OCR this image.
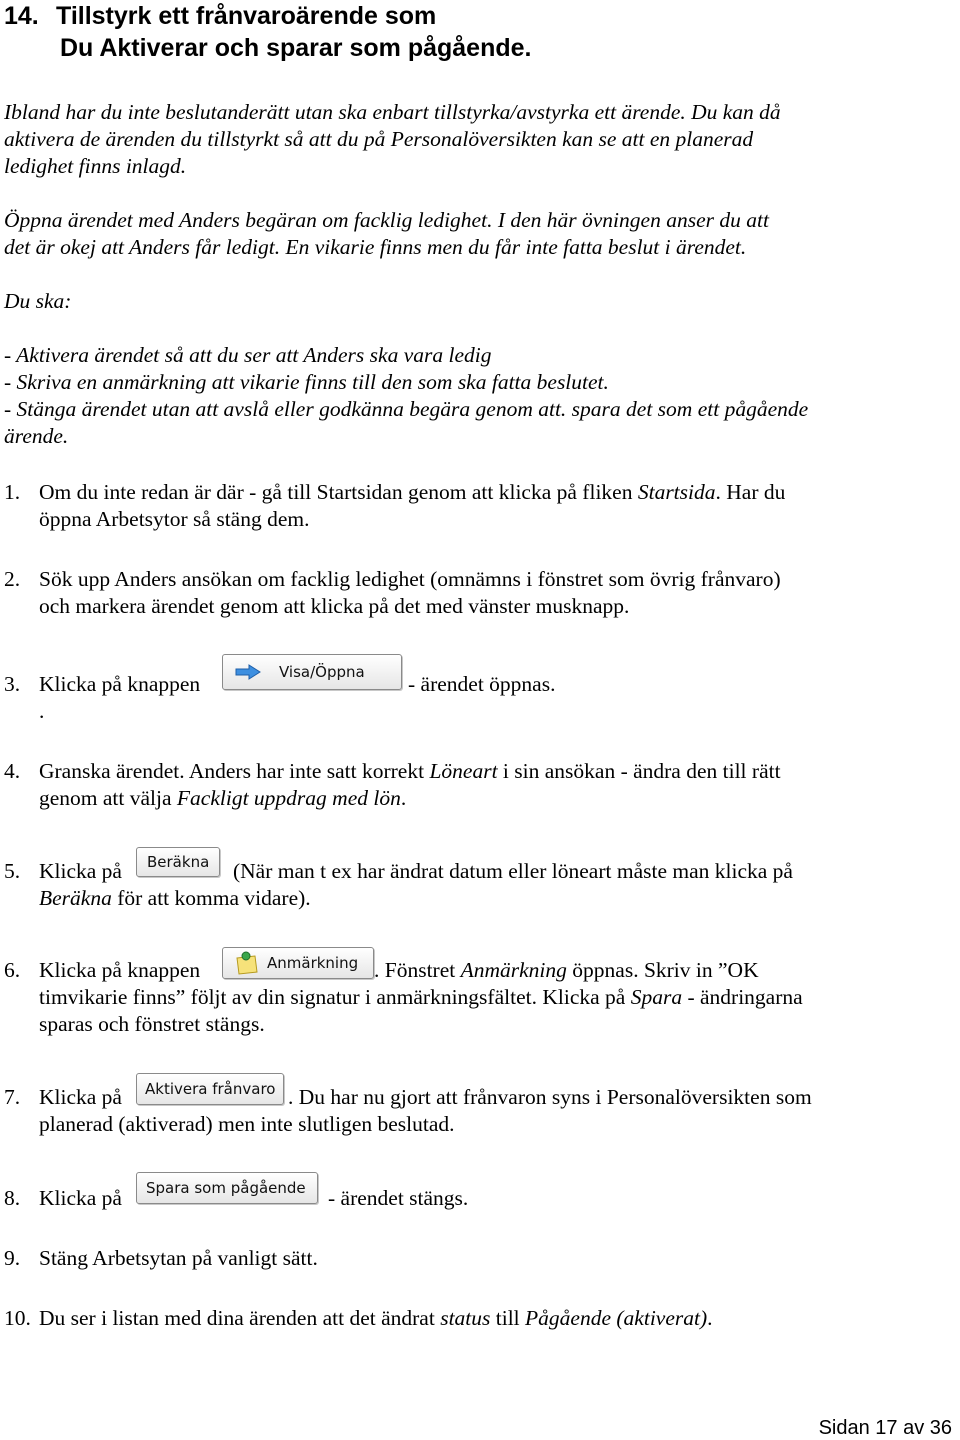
14. Tillstyrk ett frånvaroärende som
Du Aktiverar och sparar som pågående.
Ibland har du inte beslutanderätt utan ska enbart tillstyrka/avstyrka ett ärende. Du kan då
aktivera de ärenden du tillstyrkt så att du på Personalöversikten kan se att en planerad
ledighet finns inlagd.
Öppna ärendet med Anders begäran om facklig ledighet. I den här övningen anser du att
det är okej att Anders får ledigt. En vikarie finns men du får inte fatta beslut i ärendet.
Du ska:
- Aktivera ärendet så att du ser att Anders ska vara ledig
- Skriva en anmärkning att vikarie finns till den som ska fatta beslutet.
- Stänga ärendet utan att avslå eller godkänna begära genom att. spara det som ett pågående
ärende.
1. Om du inte redan är där - gå till Startsidan genom att klicka på fliken Startsida. Har du
öppna Arbetsytor så stäng dem.
2. Sök upp Anders ansökan om facklig ledighet (omnämns i fönstret som övrig frånvaro)
och markera ärendet genom att klicka på det med vänster musknapp.
3. Klicka på knappen
.
- ärendet öppnas.
Visa/Öppna
4. Granska ärendet. Anders har inte satt korrekt Löneart i sin ansökan - ändra den till rätt
genom att välja Fackligt uppdrag med lön.
5. Klicka på	(När man t ex har ändrat datum eller löneart måste man klicka på
Beräkna för att komma vidare).
Beräkna
6. Klicka på knappen	. Fönstret Anmärkning öppnas. Skriv in ”OK
timvikarie finns” följt av din signatur i anmärkningsfältet. Klicka på Spara - ändringarna
sparas och fönstret stängs.
Anmärkning
7. Klicka på	. Du har nu gjort att frånvaron syns i Personalöversikten som
planerad (aktiverad) men inte slutligen beslutad.
Aktivera frånvaro
8. Klicka på	- ärendet stängs.
Spara som pågående
9. Stäng Arbetsytan på vanligt sätt.
10. Du ser i listan med dina ärenden att det ändrat status till Pågående (aktiverat).
Sidan 17 av 36
